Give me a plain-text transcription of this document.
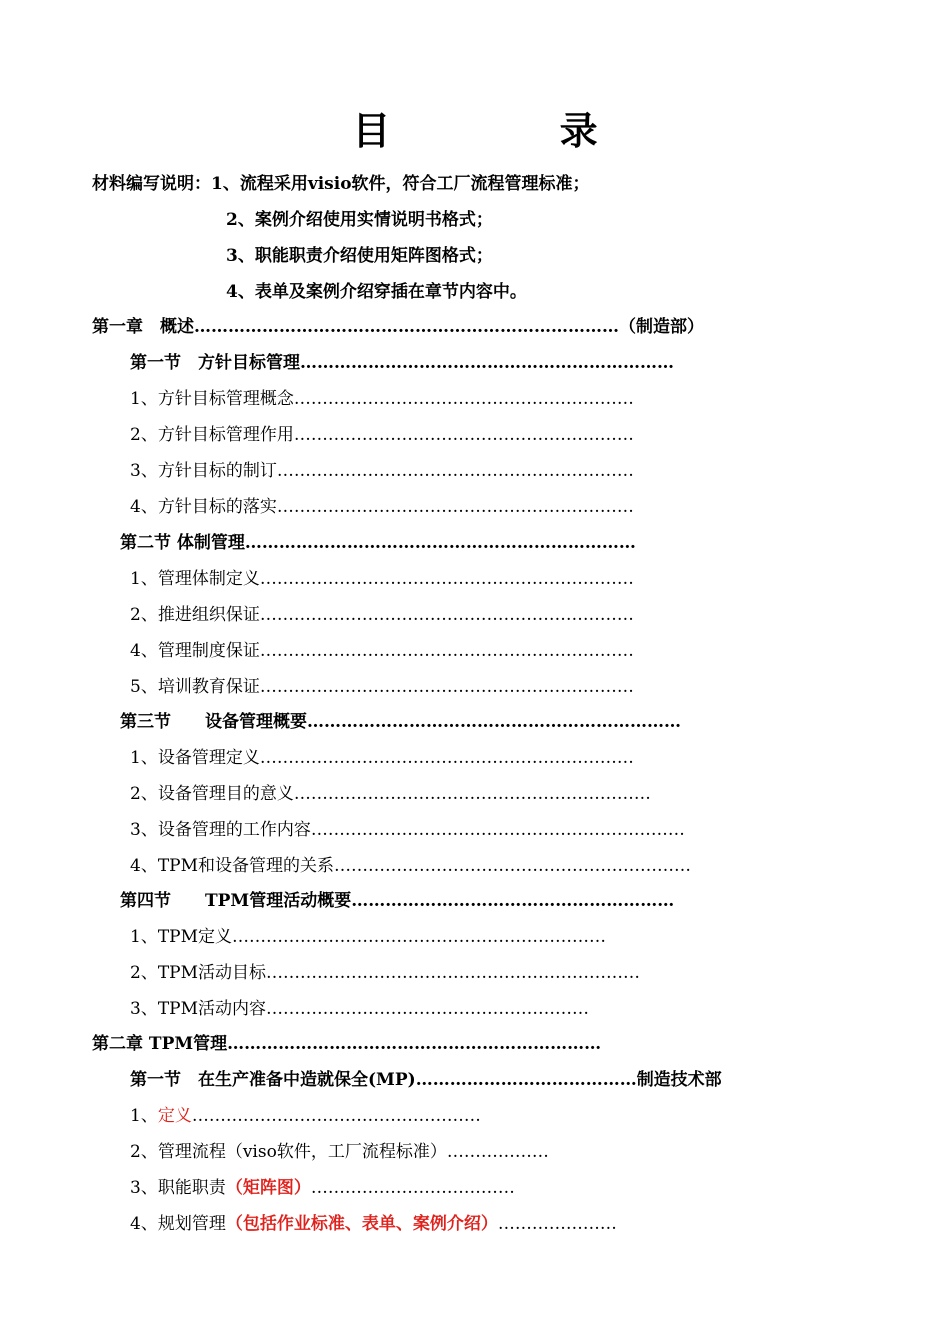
目 录
材料编写说明：1、流程采用visio软件，符合工厂流程管理标准；
2、案例介绍使用实情说明书格式；
3、职能职责介绍使用矩阵图格式；
4、表单及案例介绍穿插在章节内容中。
第一章　概述…………………………………………………………………（制造部）
第一节　方针目标管理…………………………………………………………
1、方针目标管理概念……………………………………………………
2、方针目标管理作用……………………………………………………
3、方针目标的制订………………………………………………………
4、方针目标的落实………………………………………………………
第二节 体制管理……………………………………………………………
1、管理体制定义…………………………………………………………
2、推进组织保证…………………………………………………………
4、管理制度保证…………………………………………………………
5、培训教育保证…………………………………………………………
第三节　　设备管理概要…………………………………………………………
1、设备管理定义…………………………………………………………
2、设备管理目的意义………………………………………………………
3、设备管理的工作内容…………………………………………………………
4、TPM和设备管理的关系………………………………………………………
第四节　　TPM管理活动概要…………………………………………………
1、TPM定义…………………………………………………………
2、TPM活动目标…………………………………………………………
3、TPM活动内容…………………………………………………
第二章 TPM管理…………………………………………………………
第一节　在生产准备中造就保全(MP)…………………………………制造技术部
1、定义……………………………………………
2、管理流程（viso软件，工厂流程标准）………………
3、职能职责（矩阵图）………………………………
4、规划管理（包括作业标准、表单、案例介绍）…………………
